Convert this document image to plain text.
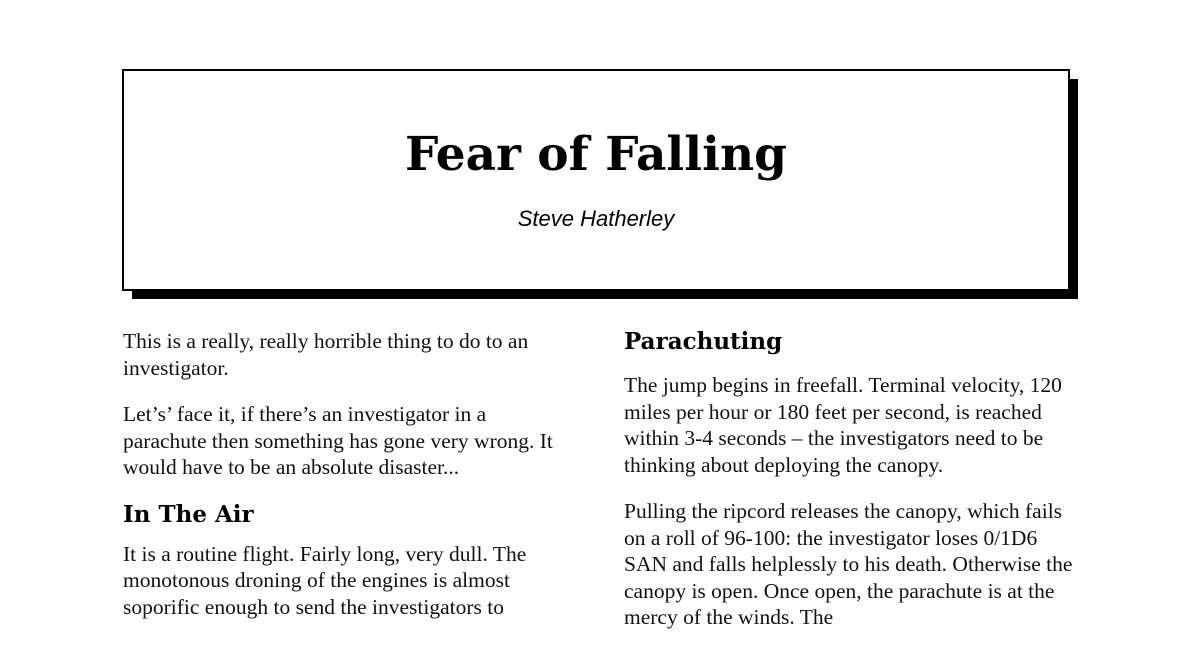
Fear of Falling
Steve Hatherley

This is a really, really horrible thing to do to an investigator.

Let’s’ face it, if there’s an investigator in a parachute then something has gone very wrong. It would have to be an absolute disaster...

In The Air

It is a routine flight. Fairly long, very dull. The monotonous droning of the engines is almost soporific enough to send the investigators to

Parachuting

The jump begins in freefall. Terminal velocity, 120 miles per hour or 180 feet per second, is reached within 3-4 seconds – the investigators need to be thinking about deploying the canopy.

Pulling the ripcord releases the canopy, which fails on a roll of 96-100: the investigator loses 0/1D6 SAN and falls helplessly to his death. Otherwise the canopy is open. Once open, the parachute is at the mercy of the winds. The
